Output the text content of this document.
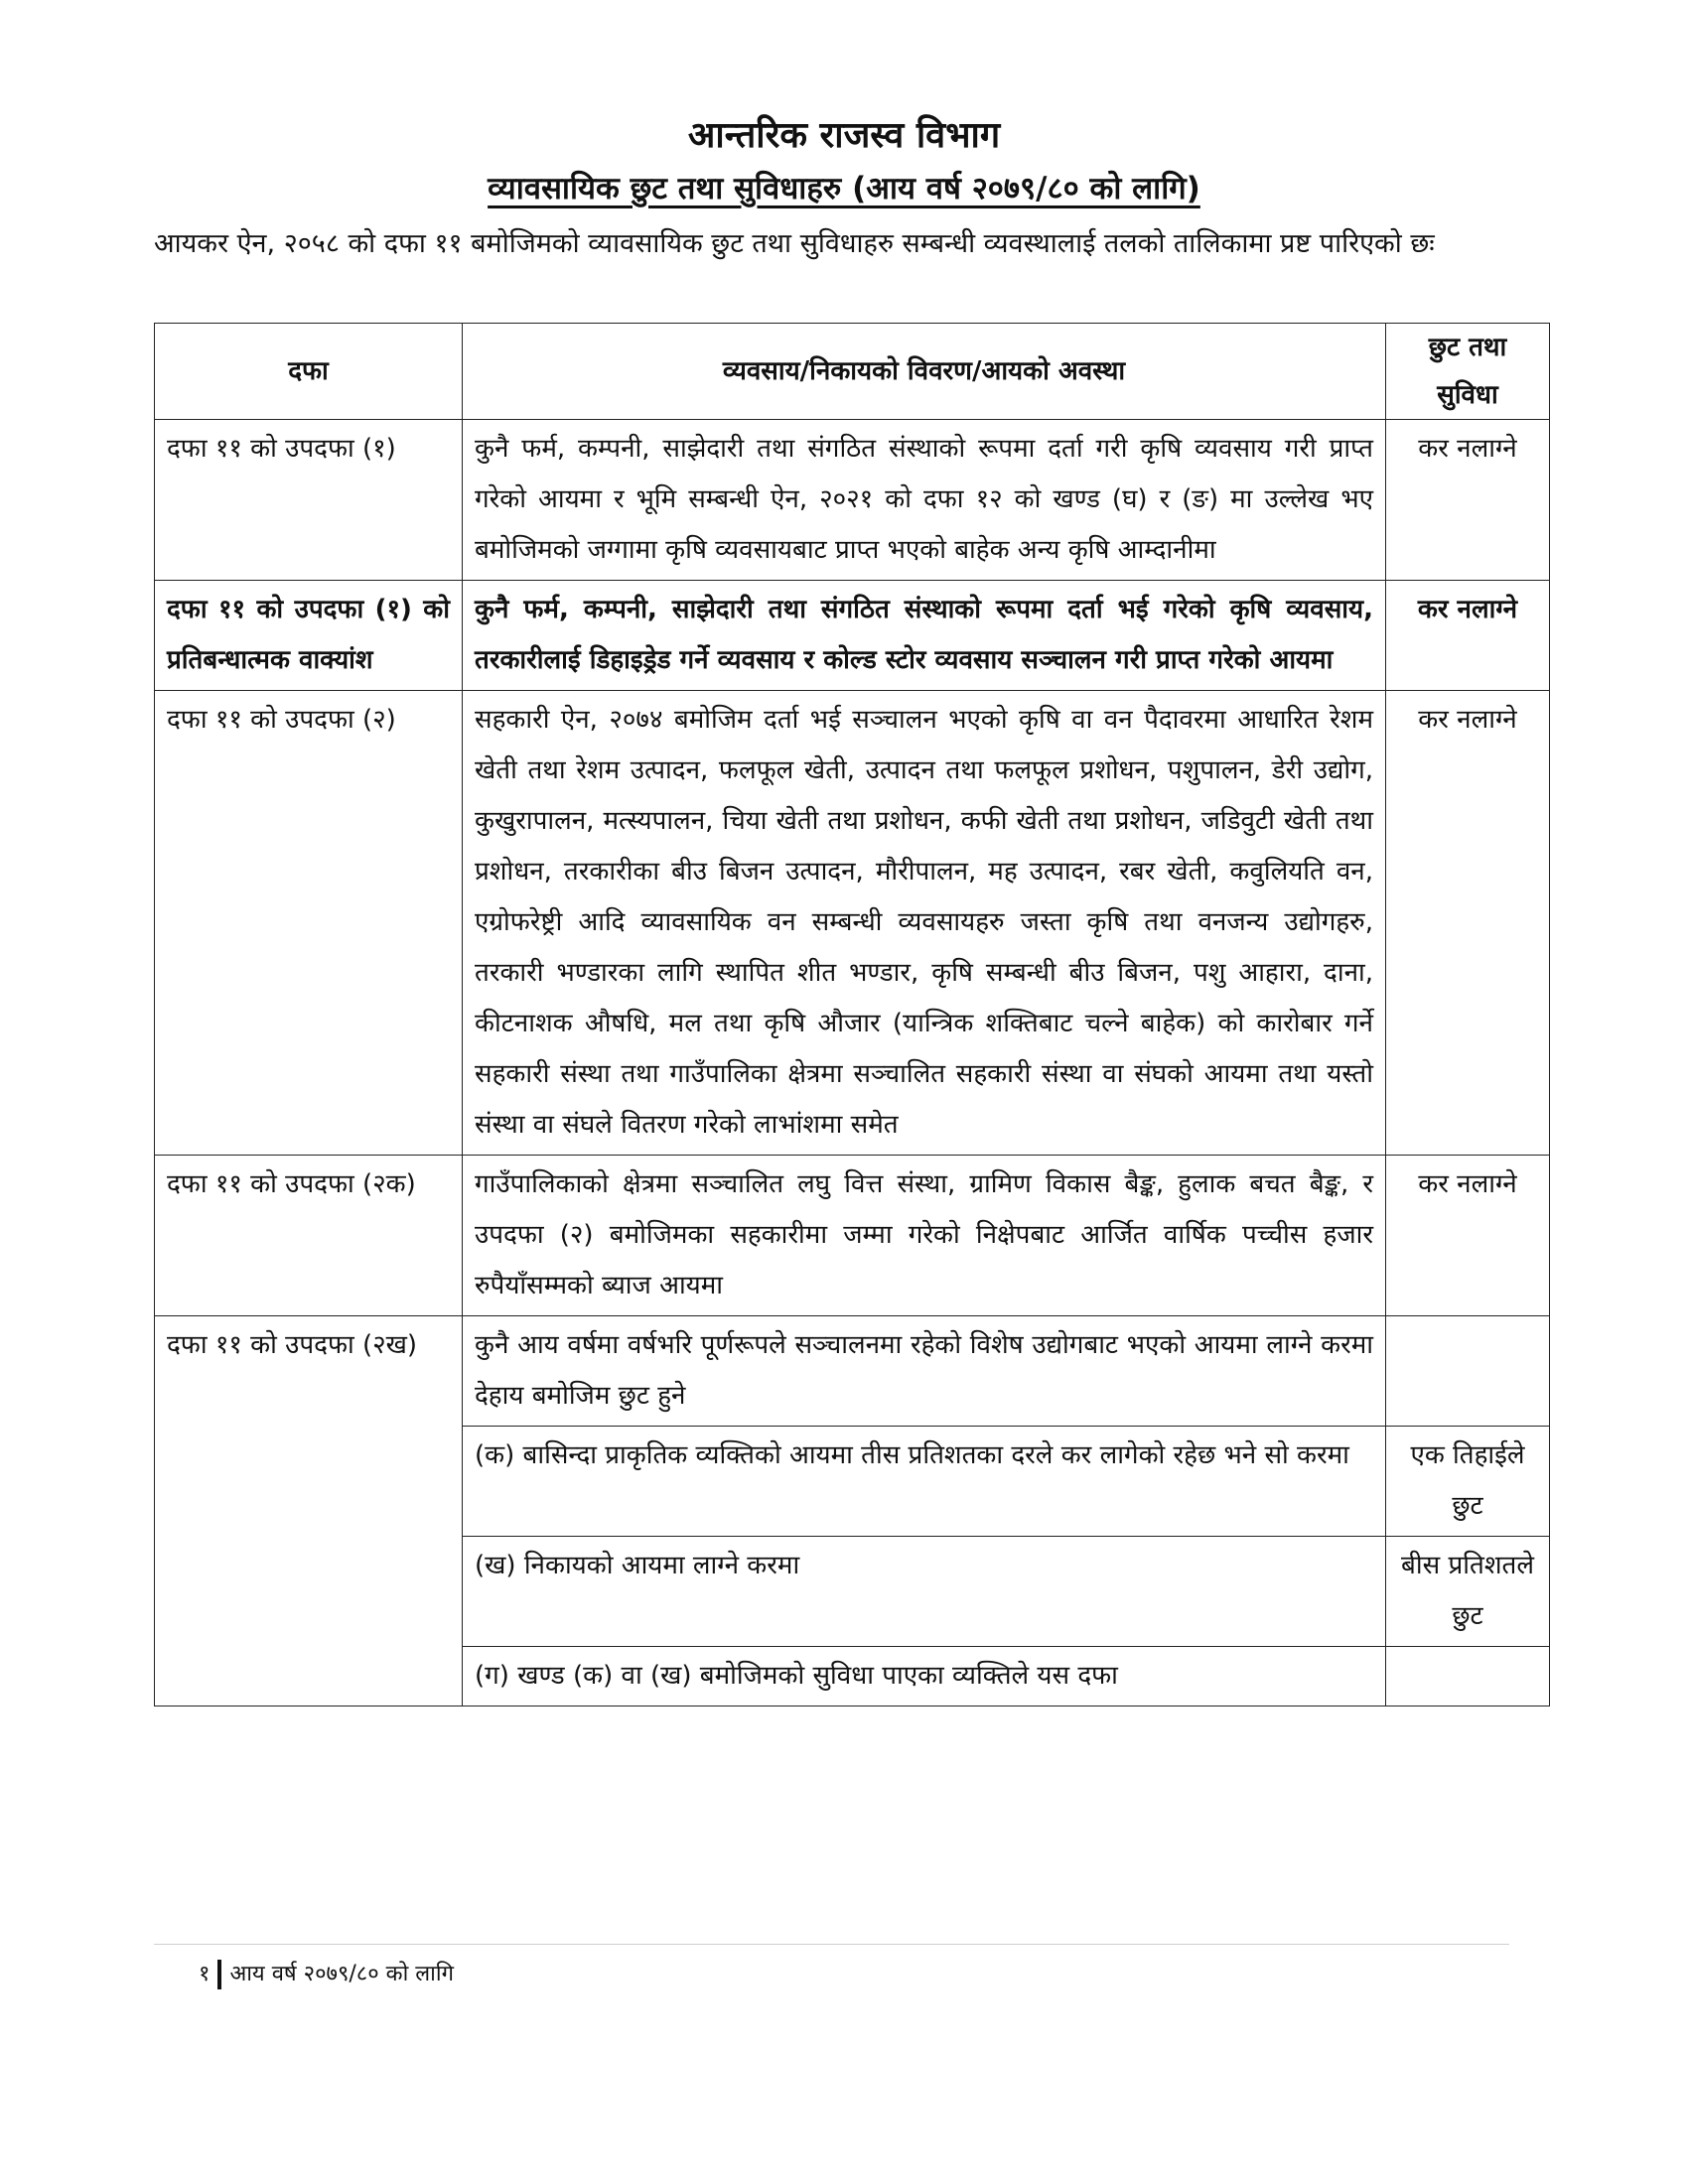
आन्तरिक राजस्व विभाग
व्यावसायिक छुट तथा सुविधाहरु (आय वर्ष २०७९/८० को लागि)
आयकर ऐन, २०५८ को दफा ११ बमोजिमको व्यावसायिक छुट तथा सुविधाहरु सम्बन्धी व्यवस्थालाई तलको तालिकामा प्रष्ट पारिएको छः
दफा	व्यवसाय/निकायको विवरण/आयको अवस्था	छुट तथा सुविधा
दफा ११ को उपदफा (१)	कुनै फर्म, कम्पनी, साझेदारी तथा संगठित संस्थाको रूपमा दर्ता गरी कृषि व्यवसाय गरी प्राप्त गरेको आयमा र भूमि सम्बन्धी ऐन, २०२१ को दफा १२ को खण्ड (घ) र (ङ) मा उल्लेख भए बमोजिमको जग्गामा कृषि व्यवसायबाट प्राप्त भएको बाहेक अन्य कृषि आम्दानीमा	कर नलाग्ने
दफा ११ को उपदफा (१) को प्रतिबन्धात्मक वाक्यांश	कुनै फर्म, कम्पनी, साझेदारी तथा संगठित संस्थाको रूपमा दर्ता भई गरेको कृषि व्यवसाय, तरकारीलाई डिहाइड्रेड गर्ने व्यवसाय र कोल्ड स्टोर व्यवसाय सञ्चालन गरी प्राप्त गरेको आयमा	कर नलाग्ने
दफा ११ को उपदफा (२)	सहकारी ऐन, २०७४ बमोजिम दर्ता भई सञ्चालन भएको कृषि वा वन पैदावरमा आधारित रेशम खेती तथा रेशम उत्पादन, फलफूल खेती, उत्पादन तथा फलफूल प्रशोधन, पशुपालन, डेरी उद्योग, कुखुरापालन, मत्स्यपालन, चिया खेती तथा प्रशोधन, कफी खेती तथा प्रशोधन, जडिवुटी खेती तथा प्रशोधन, तरकारीका बीउ बिजन उत्पादन, मौरीपालन, मह उत्पादन, रबर खेती, कवुलियति वन, एग्रोफरेष्ट्री आदि व्यावसायिक वन सम्बन्धी व्यवसायहरु जस्ता कृषि तथा वनजन्य उद्योगहरु, तरकारी भण्डारका लागि स्थापित शीत भण्डार, कृषि सम्बन्धी बीउ बिजन, पशु आहारा, दाना, कीटनाशक औषधि, मल तथा कृषि औजार (यान्त्रिक शक्तिबाट चल्ने बाहेक) को कारोबार गर्ने सहकारी संस्था तथा गाउँपालिका क्षेत्रमा सञ्चालित सहकारी संस्था वा संघको आयमा तथा यस्तो संस्था वा संघले वितरण गरेको लाभांशमा समेत	कर नलाग्ने
दफा ११ को उपदफा (२क)	गाउँपालिकाको क्षेत्रमा सञ्चालित लघु वित्त संस्था, ग्रामिण विकास बैङ्क, हुलाक बचत बैङ्क, र उपदफा (२) बमोजिमका सहकारीमा जम्मा गरेको निक्षेपबाट आर्जित वार्षिक पच्चीस हजार रुपैयाँसम्मको ब्याज आयमा	कर नलाग्ने
दफा ११ को उपदफा (२ख)	कुनै आय वर्षमा वर्षभरि पूर्णरूपले सञ्चालनमा रहेको विशेष उद्योगबाट भएको आयमा लाग्ने करमा देहाय बमोजिम छुट हुने	

	(क) बासिन्दा प्राकृतिक व्यक्तिको आयमा तीस प्रतिशतका दरले कर लागेको रहेछ भने सो करमा	एक तिहाईले छुट

	(ख) निकायको आयमा लाग्ने करमा	बीस प्रतिशतले छुट

	(ग) खण्ड (क) वा (ख) बमोजिमको सुविधा पाएका व्यक्तिले यस दफा	

१ आय वर्ष २०७९/८० को लागि
